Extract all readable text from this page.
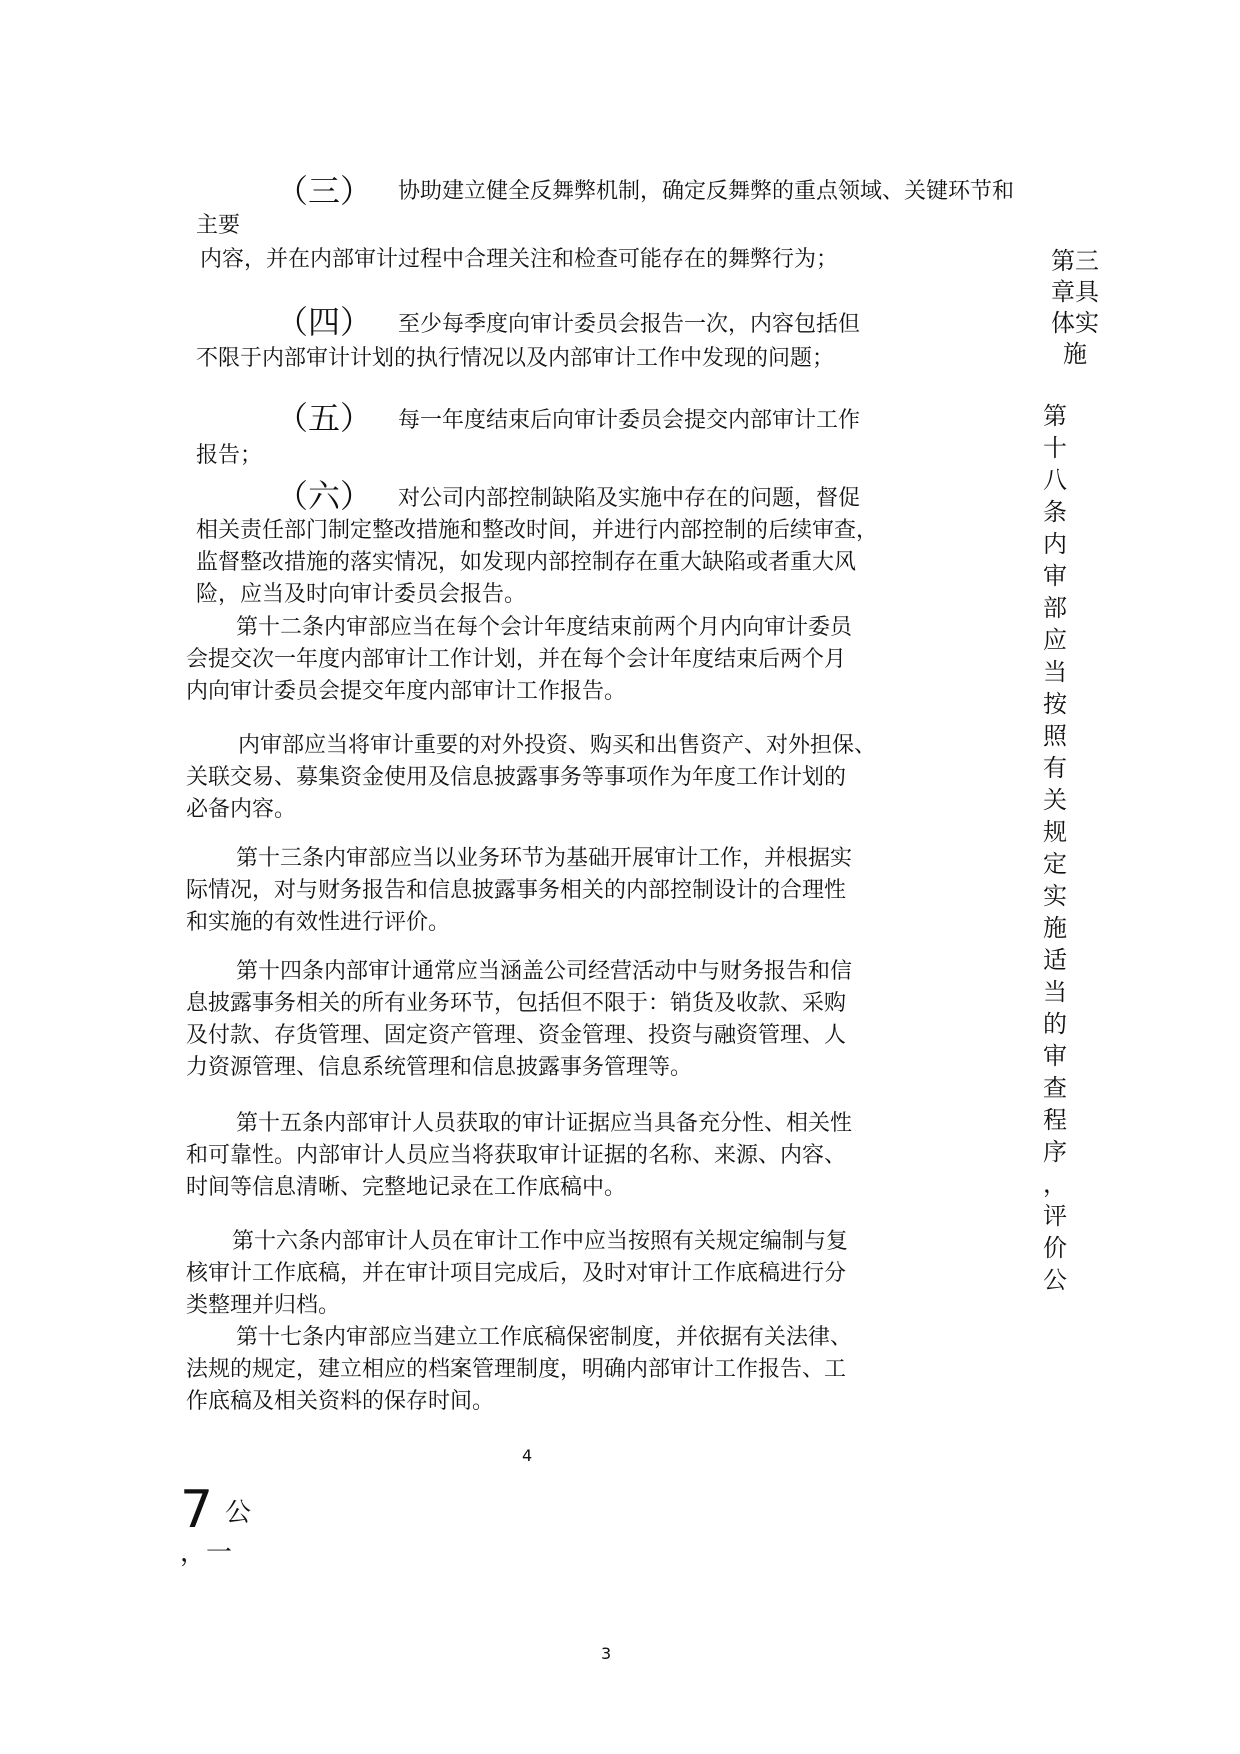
（三） 协助建立健全反舞弊机制，确定反舞弊的重点领域、关键环节和

主要

内容，并在内部审计过程中合理关注和检查可能存在的舞弊行为；

（四） 至少每季度向审计委员会报告一次，内容包括但

不限于内部审计计划的执行情况以及内部审计工作中发现的问题；

（五） 每一年度结束后向审计委员会提交内部审计工作

报告；

（六） 对公司内部控制缺陷及实施中存在的问题，督促

相关责任部门制定整改措施和整改时间，并进行内部控制的后续审查，

监督整改措施的落实情况，如发现内部控制存在重大缺陷或者重大风

险，应当及时向审计委员会报告。

第十二条内审部应当在每个会计年度结束前两个月内向审计委员

会提交次一年度内部审计工作计划，并在每个会计年度结束后两个月

内向审计委员会提交年度内部审计工作报告。

内审部应当将审计重要的对外投资、购买和出售资产、对外担保、

关联交易、募集资金使用及信息披露事务等事项作为年度工作计划的

必备内容。

第十三条内审部应当以业务环节为基础开展审计工作，并根据实

际情况，对与财务报告和信息披露事务相关的内部控制设计的合理性

和实施的有效性进行评价。

第十四条内部审计通常应当涵盖公司经营活动中与财务报告和信

息披露事务相关的所有业务环节，包括但不限于：销货及收款、采购

及付款、存货管理、固定资产管理、资金管理、投资与融资管理、人

力资源管理、信息系统管理和信息披露事务管理等。

第十五条内部审计人员获取的审计证据应当具备充分性、相关性

和可靠性。内部审计人员应当将获取审计证据的名称、来源、内容、

时间等信息清晰、完整地记录在工作底稿中。

第十六条内部审计人员在审计工作中应当按照有关规定编制与复

核审计工作底稿，并在审计项目完成后，及时对审计工作底稿进行分

类整理并归档。

第十七条内审部应当建立工作底稿保密制度，并依据有关法律、

法规的规定，建立相应的档案管理制度，明确内部审计工作报告、工

作底稿及相关资料的保存时间。

第三
章具
体实
施
第
十
八
条
内
审
部
应
当
按
照
有
关
规
定
实
施
适
当
的
审
查
程
序
，
评
价
公
4
7 公
，一
3
